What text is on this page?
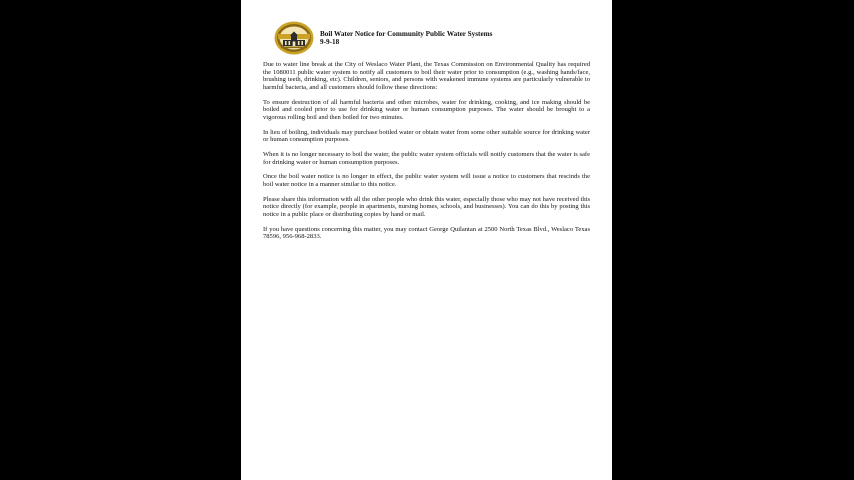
Boil Water Notice for Community Public Water Systems
9-9-18

Due to water line break at the City of Weslaco Water Plant, the Texas Commission on Environmental Quality has required the 1080011 public water system to notify all customers to boil their water prior to consumption (e.g., washing hands/face, brushing teeth, drinking, etc). Children, seniors, and persons with weakened immune systems are particularly vulnerable to harmful bacteria, and all customers should follow these directions:

To ensure destruction of all harmful bacteria and other microbes, water for drinking, cooking, and ice making should be boiled and cooled prior to use for drinking water or human consumption purposes. The water should be brought to a vigorous rolling boil and then boiled for two minutes.

In lieu of boiling, individuals may purchase bottled water or obtain water from some other suitable source for drinking water or human consumption purposes.

When it is no longer necessary to boil the water, the public water system officials will notify customers that the water is safe for drinking water or human consumption purposes.

Once the boil water notice is no longer in effect, the public water system will issue a notice to customers that rescinds the boil water notice in a manner similar to this notice.

Please share this information with all the other people who drink this water, especially those who may not have received this notice directly (for example, people in apartments, nursing homes, schools, and businesses). You can do this by posting this notice in a public place or distributing copies by hand or mail.

If you have questions concerning this matter, you may contact George Quilantan at 2500 North Texas Blvd., Weslaco Texas 78596, 956-968-2833.
